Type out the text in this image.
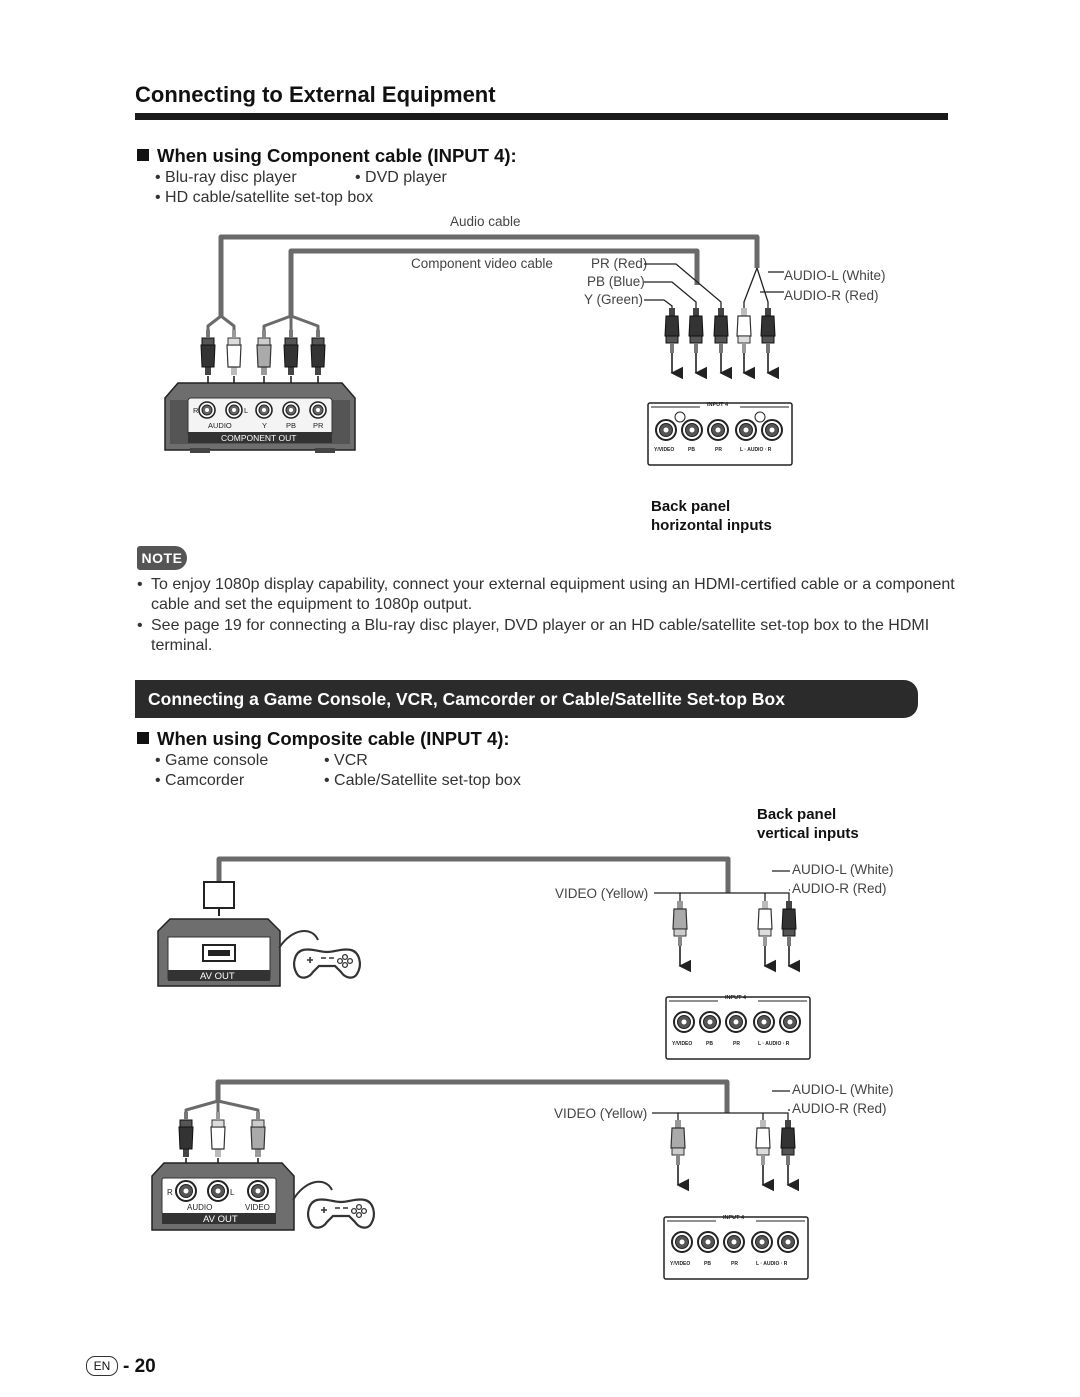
Connecting to External Equipment
When using Component cable (INPUT 4):
• Blu-ray disc player	• DVD player
• HD cable/satellite set-top box
Audio cable
Component video cable	PR (Red)
PB (Blue)
Y (Green)
AUDIO-L (White)
AUDIO-R (Red)
Back panel
horizontal inputs
NOTE
• To enjoy 1080p display capability, connect your external equipment using an HDMI-certified cable or a component cable and set the equipment to 1080p output.
• See page 19 for connecting a Blu-ray disc player, DVD player or an HD cable/satellite set-top box to the HDMI terminal.
Connecting a Game Console, VCR, Camcorder or Cable/Satellite Set-top Box
When using Composite cable (INPUT 4):
• Game console	• VCR
• Camcorder	• Cable/Satellite set-top box
Back panel
vertical inputs
AUDIO-L (White)
AUDIO-R (Red)
VIDEO (Yellow)
AUDIO-L (White)
AUDIO-R (Red)
VIDEO (Yellow)
EN - 20
R	L
AUDIO	Y	PB PR
COMPONENT OUT
INPUT 4
Y/VIDEO	PB	PR	L · AUDIO · R
AV OUT
INPUT 4
Y/VIDEO	PB	PR	L · AUDIO · R
R	L
AUDIO	VIDEO
AV OUT	INPUT 4
Y/VIDEO	PB	PR	L · AUDIO · R
